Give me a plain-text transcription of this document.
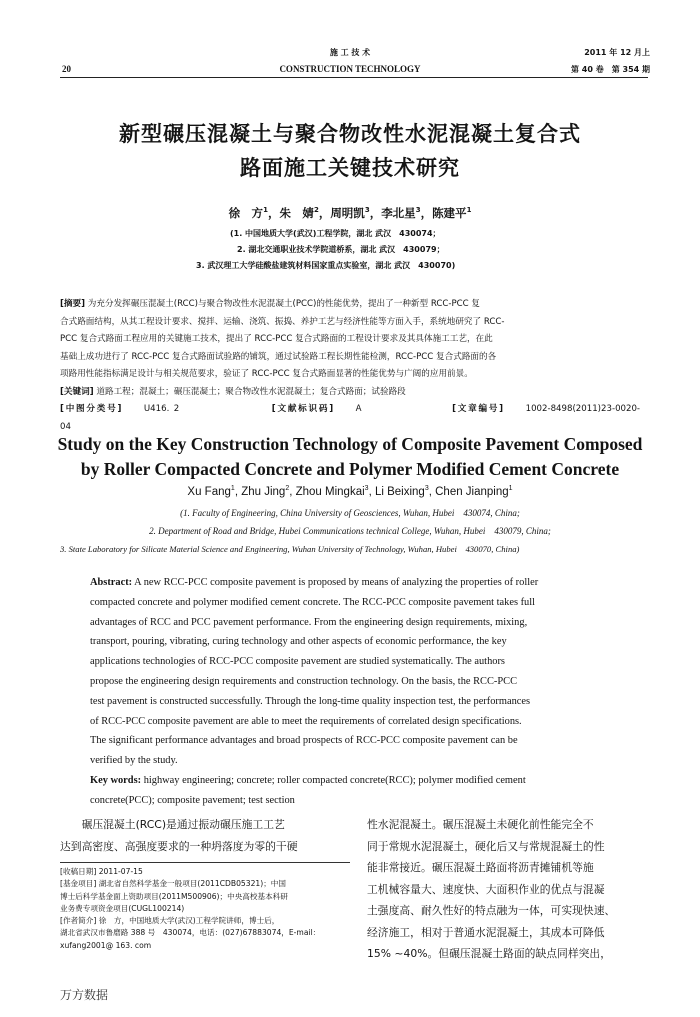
施 工 技 术	2011 年 12 月上
20	CONSTRUCTION TECHNOLOGY	第 40 卷　第 354 期
新型碾压混凝土与聚合物改性水泥混凝土复合式
路面施工关键技术研究
徐　方$^1$，朱　婧$^2$，周明凯$^3$，李北星$^3$，陈建平$^1$
(1. 中国地质大学(武汉)工程学院，湖北 武汉　430074；
2. 湖北交通职业技术学院道桥系，湖北 武汉　430079；
3. 武汉理工大学硅酸盐建筑材料国家重点实验室，湖北 武汉　430070)
[摘要] 为充分发挥碾压混凝土(RCC)与聚合物改性水泥混凝土(PCC)的性能优势，提出了一种新型 RCC-PCC 复
合式路面结构，从其工程设计要求、搅拌、运输、浇筑、振捣、养护工艺与经济性能等方面入手，系统地研究了 RCC-
PCC 复合式路面工程应用的关键施工技术，提出了 RCC-PCC 复合式路面的工程设计要求及其具体施工工艺，在此
基础上成功进行了 RCC-PCC 复合式路面试验路的铺筑，通过试验路工程长期性能检测，RCC-PCC 复合式路面的各
项路用性能指标满足设计与相关规范要求，验证了 RCC-PCC 复合式路面显著的性能优势与广阔的应用前景。
[关键词] 道路工程；混凝土；碾压混凝土；聚合物改性水泥混凝土；复合式路面；试验路段
[中图分类号]	U416. 2	[文献标识码]	A	[文章编号]	1002-8498(2011)23-0020-04
Study on the Key Construction Technology of Composite Pavement Composed
by Roller Compacted Concrete and Polymer Modified Cement Concrete
Xu Fang$^1$, Zhu Jing$^2$, Zhou Mingkai$^3$, Li Beixing$^3$, Chen Jianping$^1$
(1. Faculty of Engineering, China University of Geosciences, Wuhan, Hubei　430074, China;
2. Department of Road and Bridge, Hubei Communications technical College, Wuhan, Hubei　430079, China;
3. State Laboratory for Silicate Material Science and Engineering, Wuhan University of Technology, Wuhan, Hubei　430070, China)
Abstract: A new RCC-PCC composite pavement is proposed by means of analyzing the properties of roller
compacted concrete and polymer modified cement concrete. The RCC-PCC composite pavement takes full
advantages of RCC and PCC pavement performance. From the engineering design requirements, mixing,
transport, pouring, vibrating, curing technology and other aspects of economic performance, the key
applications technologies of RCC-PCC composite pavement are studied systematically. The authors
propose the engineering design requirements and construction technology. On the basis, the RCC-PCC
test pavement is constructed successfully. Through the long-time quality inspection test, the performances
of RCC-PCC composite pavement are able to meet the requirements of correlated design specifications.
The significant performance advantages and broad prospects of RCC-PCC composite pavement can be
verified by the study.
Key words: highway engineering; concrete; roller compacted concrete(RCC); polymer modified cement
concrete(PCC); composite pavement; test section
　　碾压混凝土(RCC)是通过振动碾压施工工艺
达到高密度、高强度要求的一种坍落度为零的干硬
[收稿日期] 2011-07-15
[基金项目] 湖北省自然科学基金一般项目(2011CDB05321)；中国
博士后科学基金面上资助项目(2011M500906)；中央高校基本科研
业务费专项资金项目(CUGL100214)
[作者简介] 徐　方，中国地质大学(武汉)工程学院讲师，博士后，
湖北省武汉市鲁磨路 388 号　430074，电话：(027)67883074，E-mail：
xufang2001@ 163. com
性水泥混凝土。碾压混凝土未硬化前性能完全不
同于常规水泥混凝土，硬化后又与常规混凝土的性
能非常接近。碾压混凝土路面将沥青摊铺机等施
工机械容量大、速度快、大面积作业的优点与混凝
土强度高、耐久性好的特点融为一体，可实现快速、
经济施工，相对于普通水泥混凝土，其成本可降低
15% ~40%。但碾压混凝土路面的缺点同样突出，
万方数据
